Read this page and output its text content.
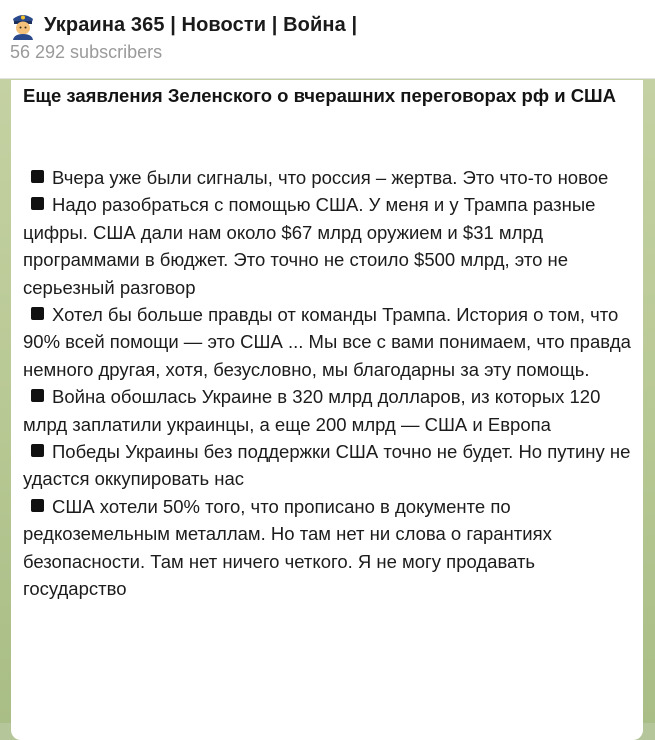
Украина 365 | Новости | Война |
56 292 subscribers
Еще заявления Зеленского о вчерашних переговорах рф и США

Вчера уже были сигналы, что россия – жертва. Это что-то новое

Надо разобраться с помощью США. У меня и у Трампа разные цифры. США дали нам около $67 млрд оружием и $31 млрд программами в бюджет. Это точно не стоило $500 млрд, это не серьезный разговор

Хотел бы больше правды от команды Трампа. История о том, что 90% всей помощи — это США ... Мы все с вами понимаем, что правда немного другая, хотя, безусловно, мы благодарны за эту помощь.

Война обошлась Украине в 320 млрд долларов, из которых 120 млрд заплатили украинцы, а еще 200 млрд — США и Европа

Победы Украины без поддержки США точно не будет. Но путину не удастся оккупировать нас

США хотели 50% того, что прописано в документе по редкоземельным металлам. Но там нет ни слова о гарантиях безопасности. Там нет ничего четкого. Я не могу продавать государство
